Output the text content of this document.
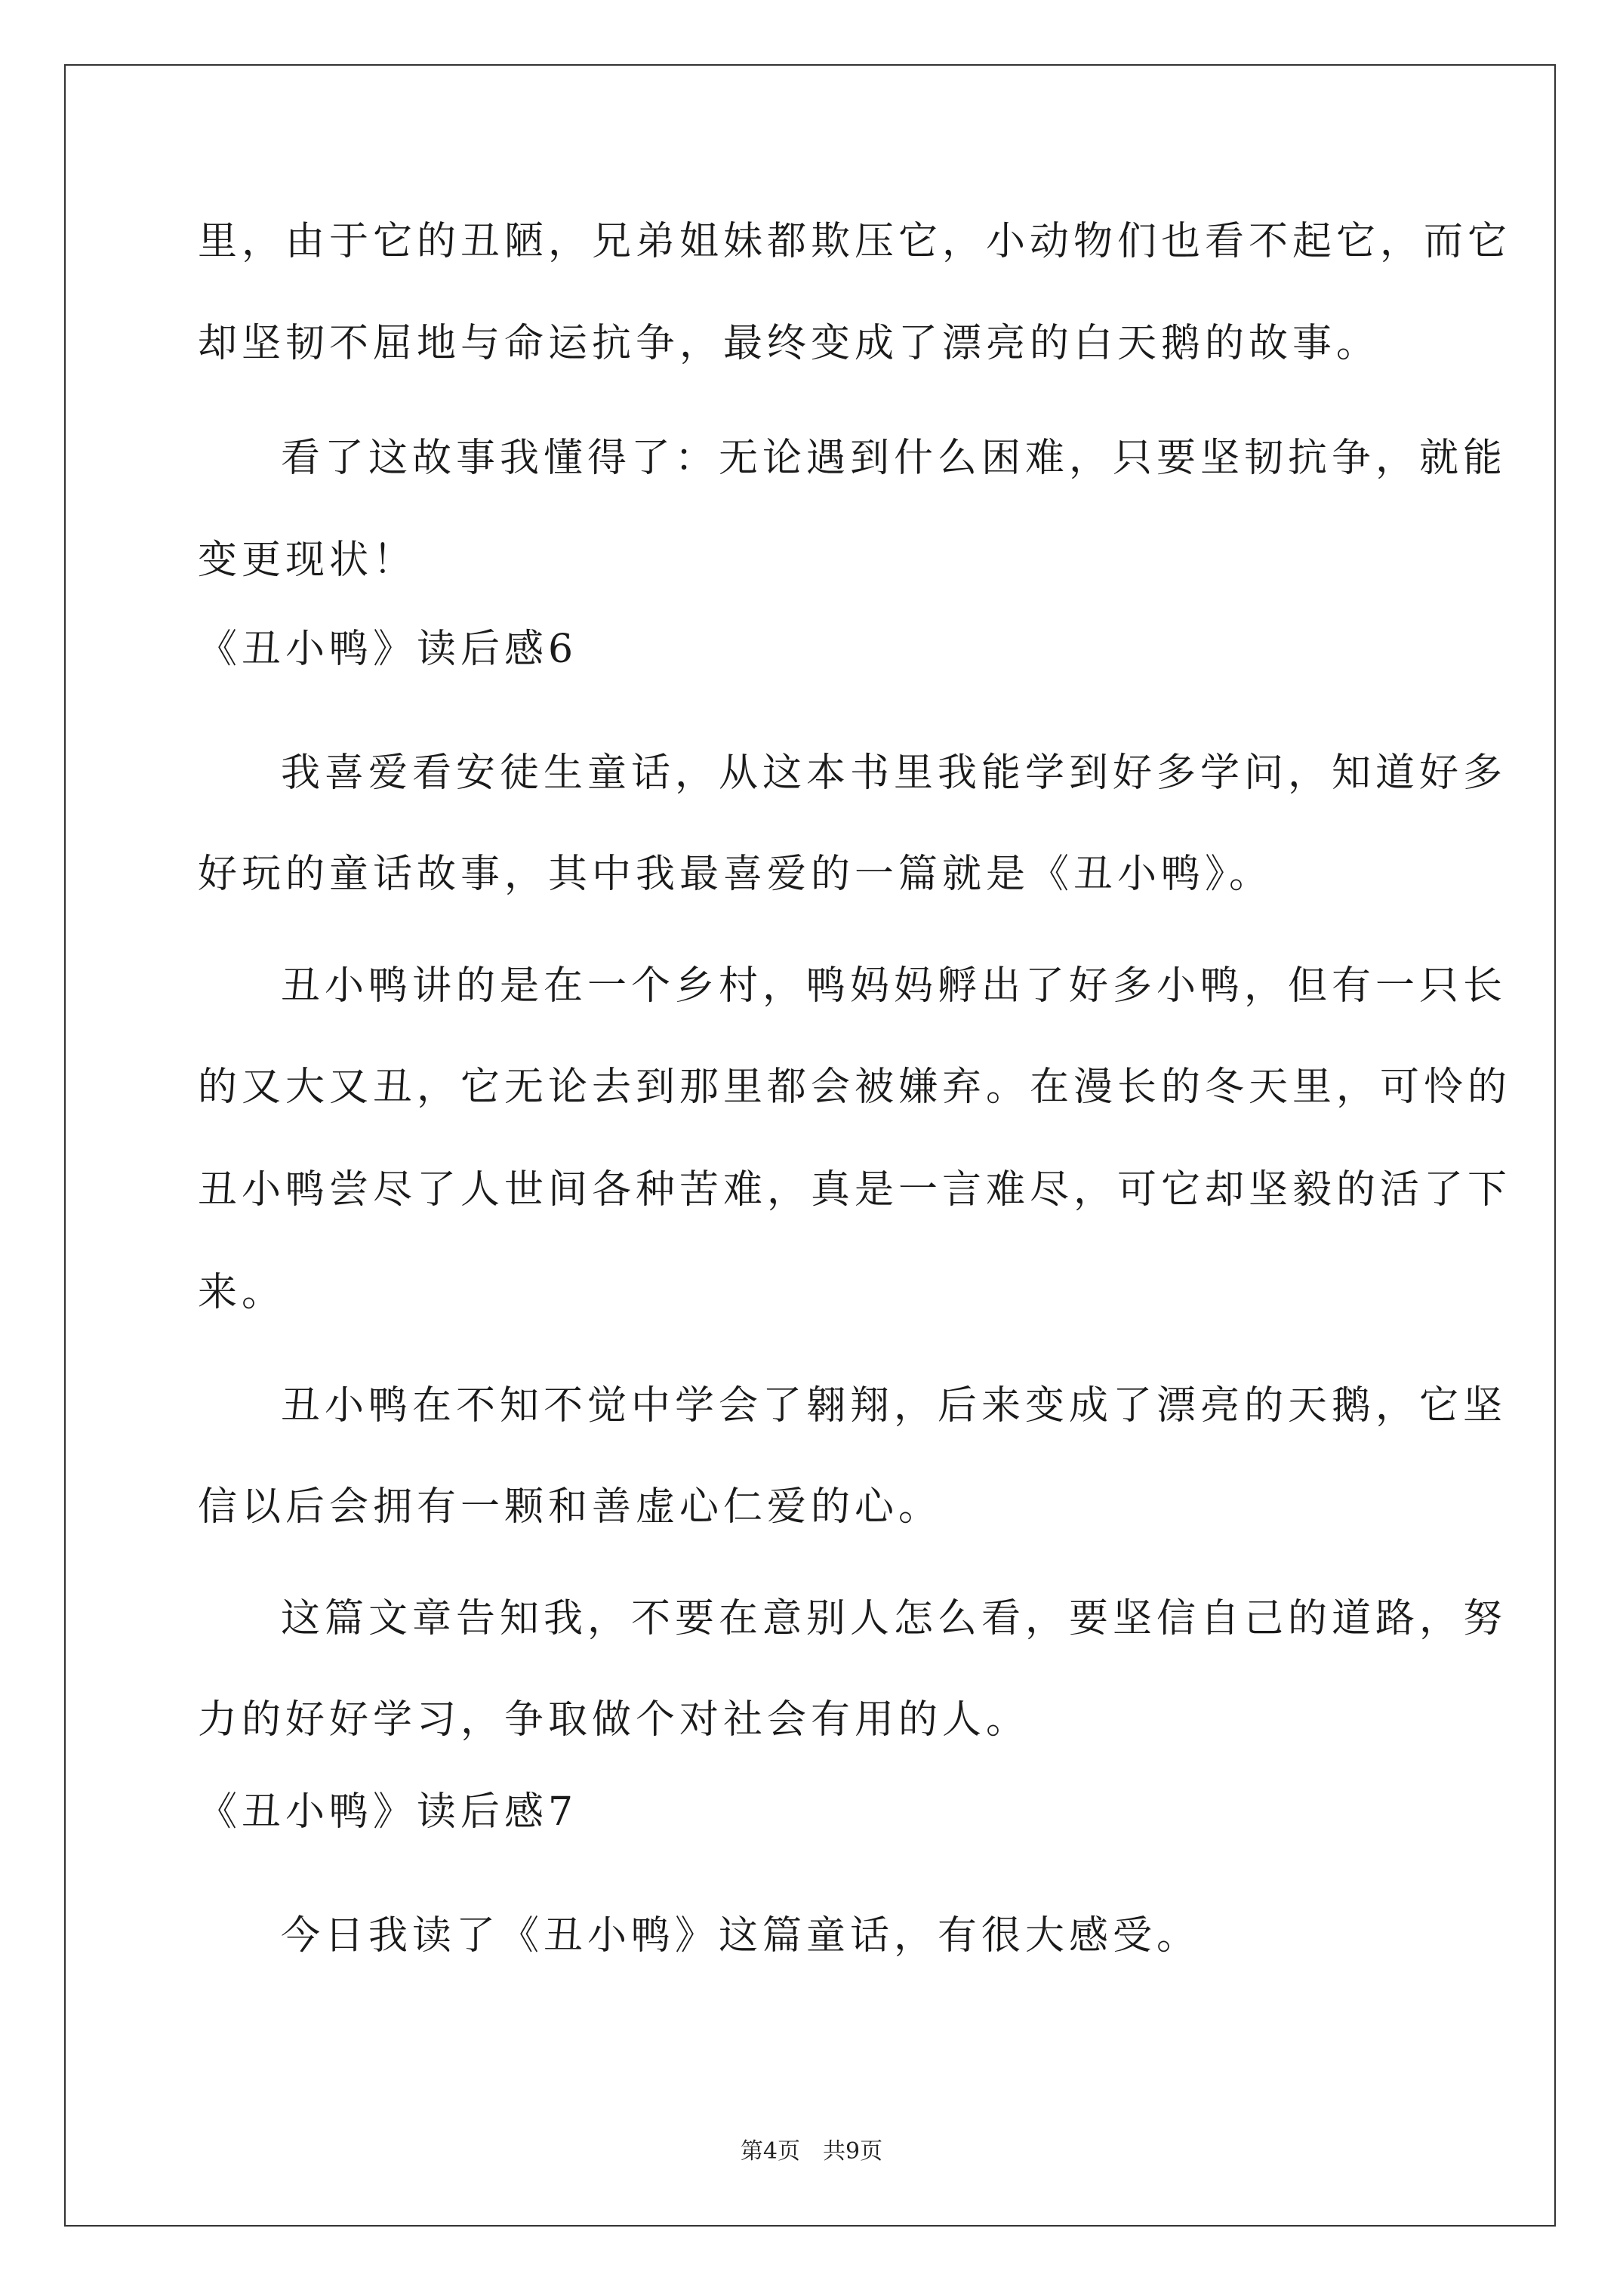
里，由于它的丑陋，兄弟姐妹都欺压它，小动物们也看不起它，而它
却坚韧不屈地与命运抗争，最终变成了漂亮的白天鹅的故事。
看了这故事我懂得了：无论遇到什么困难，只要坚韧抗争，就能
变更现状！
《丑小鸭》读后感6
我喜爱看安徒生童话，从这本书里我能学到好多学问，知道好多
好玩的童话故事，其中我最喜爱的一篇就是《丑小鸭》。
丑小鸭讲的是在一个乡村，鸭妈妈孵出了好多小鸭，但有一只长
的又大又丑，它无论去到那里都会被嫌弃。在漫长的冬天里，可怜的
丑小鸭尝尽了人世间各种苦难，真是一言难尽，可它却坚毅的活了下
来。
丑小鸭在不知不觉中学会了翱翔，后来变成了漂亮的天鹅，它坚
信以后会拥有一颗和善虚心仁爱的心。
这篇文章告知我，不要在意别人怎么看，要坚信自己的道路，努
力的好好学习，争取做个对社会有用的人。
《丑小鸭》读后感7
今日我读了《丑小鸭》这篇童话，有很大感受。
第4页　共9页
